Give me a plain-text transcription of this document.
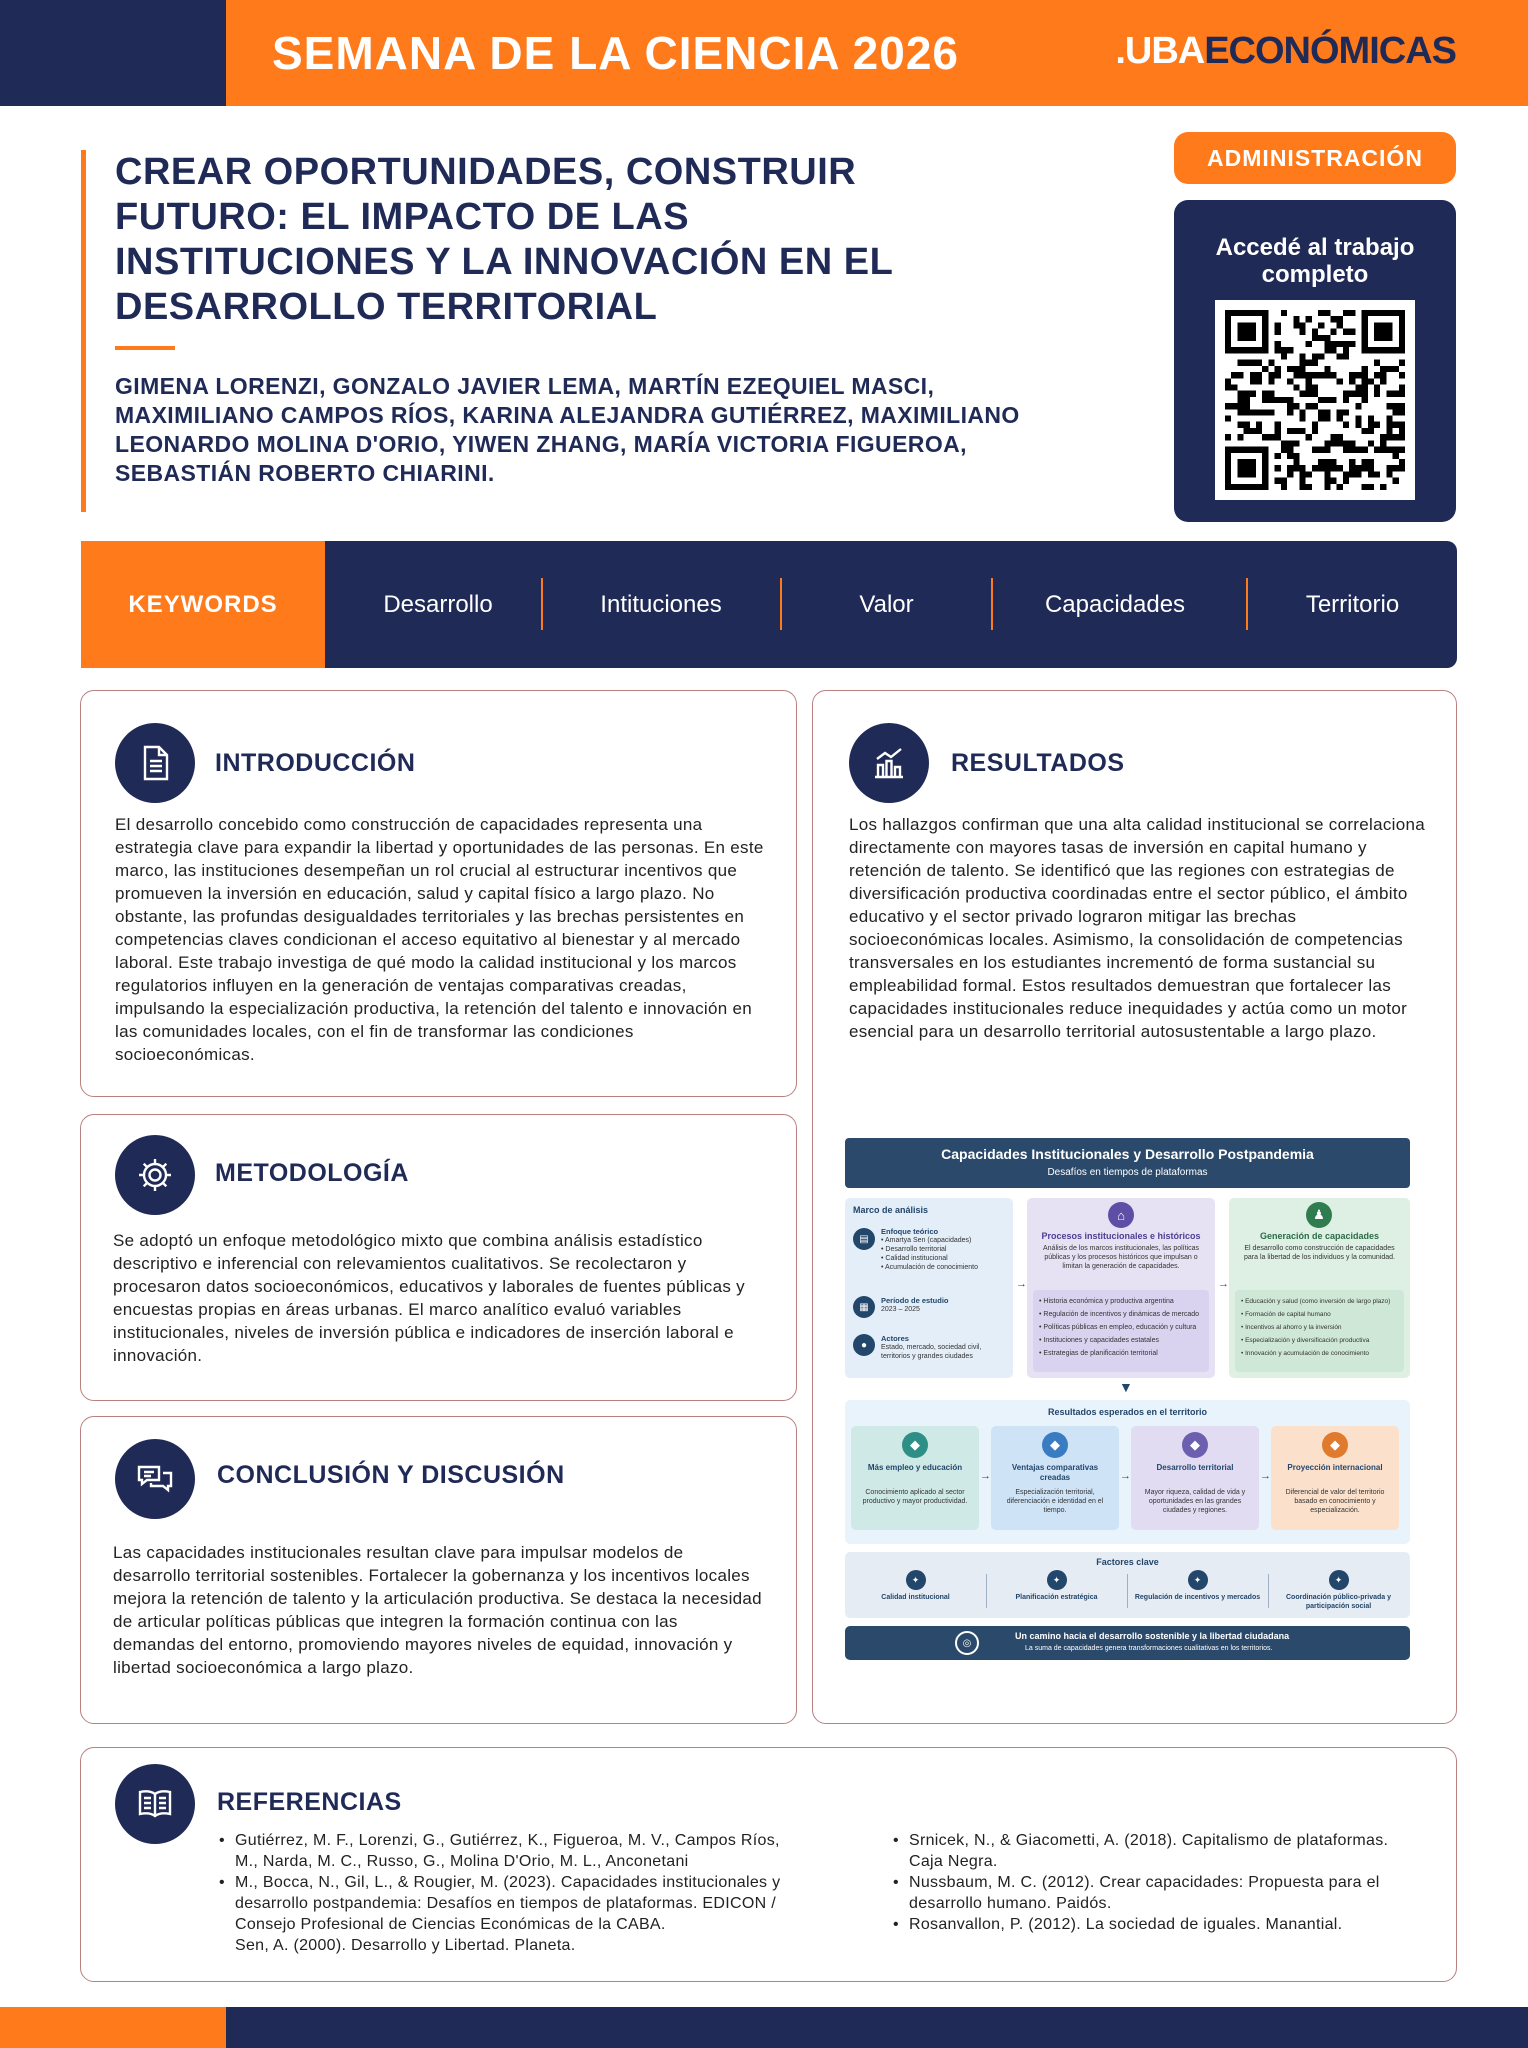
SEMANA DE LA CIENCIA 2026	.UBAECONÓMICAS
CREAR OPORTUNIDADES, CONSTRUIR FUTURO: EL IMPACTO DE LAS INSTITUCIONES Y LA INNOVACIÓN EN EL DESARROLLO TERRITORIAL
GIMENA LORENZI, GONZALO JAVIER LEMA, MARTÍN EZEQUIEL MASCI, MAXIMILIANO CAMPOS RÍOS, KARINA ALEJANDRA GUTIÉRREZ, MAXIMILIANO LEONARDO MOLINA D'ORIO, YIWEN ZHANG, MARÍA VICTORIA FIGUEROA, SEBASTIÁN ROBERTO CHIARINI.
ADMINISTRACIÓN
Accedé al trabajo completo
KEYWORDS	Desarrollo	Intituciones	Valor	Capacidades	Territorio
INTRODUCCIÓN
El desarrollo concebido como construcción de capacidades representa una estrategia clave para expandir la libertad y oportunidades de las personas. En este marco, las instituciones desempeñan un rol crucial al estructurar incentivos que promueven la inversión en educación, salud y capital físico a largo plazo. No obstante, las profundas desigualdades territoriales y las brechas persistentes en competencias claves condicionan el acceso equitativo al bienestar y al mercado laboral. Este trabajo investiga de qué modo la calidad institucional y los marcos regulatorios influyen en la generación de ventajas comparativas creadas, impulsando la especialización productiva, la retención del talento e innovación en las comunidades locales, con el fin de transformar las condiciones socioeconómicas.
METODOLOGÍA
Se adoptó un enfoque metodológico mixto que combina análisis estadístico descriptivo e inferencial con relevamientos cualitativos. Se recolectaron y procesaron datos socioeconómicos, educativos y laborales de fuentes públicas y encuestas propias en áreas urbanas. El marco analítico evaluó variables institucionales, niveles de inversión pública e indicadores de inserción laboral e innovación.
CONCLUSIÓN Y DISCUSIÓN
Las capacidades institucionales resultan clave para impulsar modelos de desarrollo territorial sostenibles. Fortalecer la gobernanza y los incentivos locales mejora la retención de talento y la articulación productiva. Se destaca la necesidad de articular políticas públicas que integren la formación continua con las demandas del entorno, promoviendo mayores niveles de equidad, innovación y libertad socioeconómica a largo plazo.
RESULTADOS
Los hallazgos confirman que una alta calidad institucional se correlaciona directamente con mayores tasas de inversión en capital humano y retención de talento. Se identificó que las regiones con estrategias de diversificación productiva coordinadas entre el sector público, el ámbito educativo y el sector privado lograron mitigar las brechas socioeconómicas locales. Asimismo, la consolidación de competencias transversales en los estudiantes incrementó de forma sustancial su empleabilidad formal. Estos resultados demuestran que fortalecer las capacidades institucionales reduce inequidades y actúa como un motor esencial para un desarrollo territorial autosustentable a largo plazo.
Capacidades Institucionales y Desarrollo Postpandemia
Desafíos en tiempos de plataformas
Marco de análisis
▤
Enfoque teórico
• Amartya Sen (capacidades)
• Desarrollo territorial
• Calidad institucional
• Acumulación de conocimiento
▦
Período de estudio
2023 – 2025
●
Actores
Estado, mercado, sociedad civil, territorios y grandes ciudades
→
⌂
Procesos institucionales e históricos
Análisis de los marcos institucionales, las políticas públicas y los procesos históricos que impulsan o limitan la generación de capacidades.
• Historia económica y productiva argentina
• Regulación de incentivos y dinámicas de mercado
• Políticas públicas en empleo, educación y cultura
• Instituciones y capacidades estatales
• Estrategias de planificación territorial
→
♟
Generación de capacidades
El desarrollo como construcción de capacidades para la libertad de los individuos y la comunidad.
• Educación y salud (como inversión de largo plazo)
• Formación de capital humano
• Incentivos al ahorro y la inversión
• Especialización y diversificación productiva
• Innovación y acumulación de conocimiento
▼
Resultados esperados en el territorio
◆
Más empleo y educación
Conocimiento aplicado al sector productivo y mayor productividad.
→
◆
Ventajas comparativas creadas
Especialización territorial, diferenciación e identidad en el tiempo.
→
◆
Desarrollo territorial
Mayor riqueza, calidad de vida y oportunidades en las grandes ciudades y regiones.
→
◆
Proyección internacional
Diferencial de valor del territorio basado en conocimiento y especialización.
Factores clave
✦
Calidad institucional
✦
Planificación estratégica
✦
Regulación de incentivos y mercados
✦
Coordinación público-privada y participación social
◎
Un camino hacia el desarrollo sostenible y la libertad ciudadana
La suma de capacidades genera transformaciones cualitativas en los territorios.
REFERENCIAS
• Gutiérrez, M. F., Lorenzi, G., Gutiérrez, K., Figueroa, M. V., Campos Ríos, M., Narda, M. C., Russo, G., Molina D'Orio, M. L., Anconetani
• M., Bocca, N., Gil, L., & Rougier, M. (2023). Capacidades institucionales y desarrollo postpandemia: Desafíos en tiempos de plataformas. EDICON / Consejo Profesional de Ciencias Económicas de la CABA.
Sen, A. (2000). Desarrollo y Libertad. Planeta.
• Srnicek, N., & Giacometti, A. (2018). Capitalismo de plataformas. Caja Negra.
• Nussbaum, M. C. (2012). Crear capacidades: Propuesta para el desarrollo humano. Paidós.
• Rosanvallon, P. (2012). La sociedad de iguales. Manantial.
